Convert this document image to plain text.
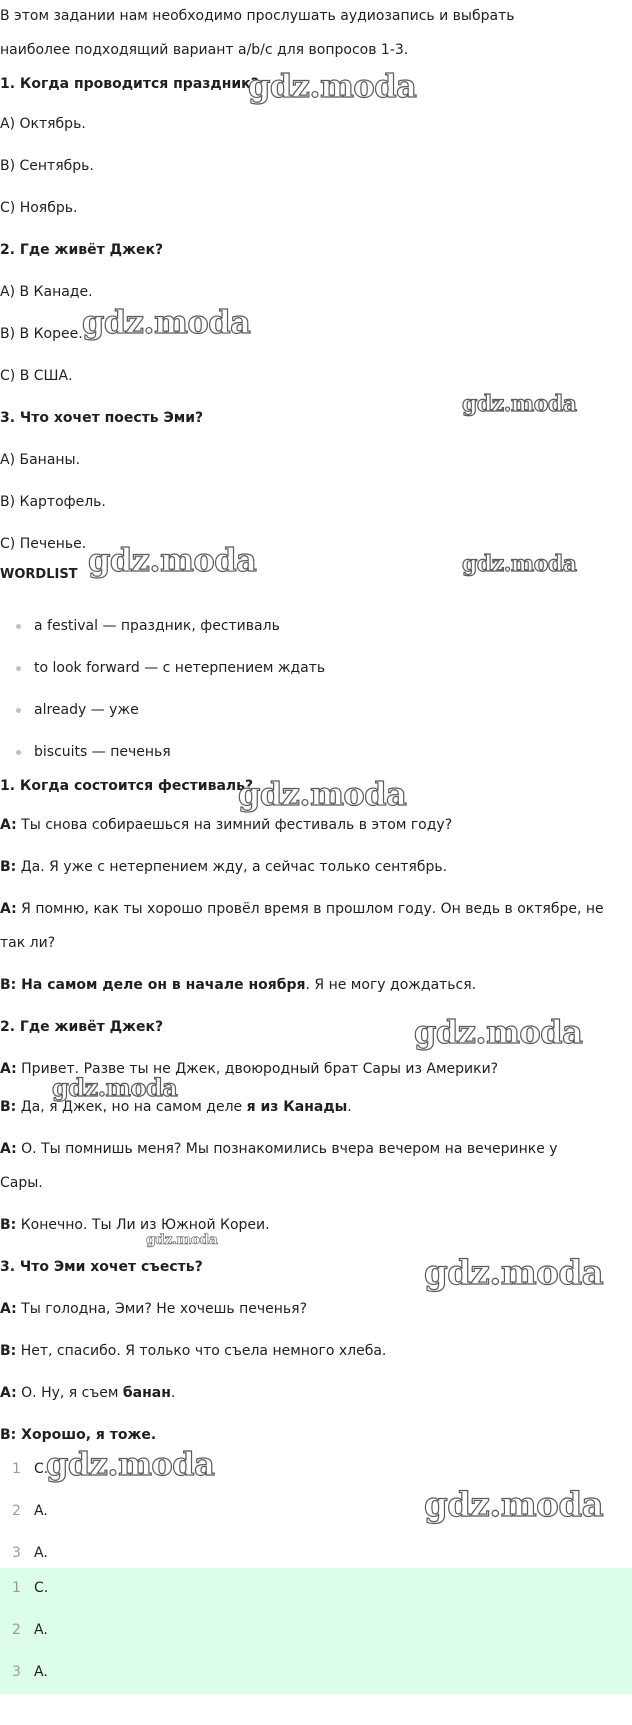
В этом задании нам необходимо прослушать аудиозапись и выбрать
наиболее подходящий вариант a/b/c для вопросов 1-3.
1. Когда проводится праздник?
A) Октябрь.
B) Сентябрь.
C) Ноябрь.
2. Где живёт Джек?
A) В Канаде.
B) В Корее.
C) В США.
3. Что хочет поесть Эми?
A) Бананы.
B) Картофель.
C) Печенье.
WORDLIST
a festival — праздник, фестиваль
to look forward — с нетерпением ждать
already — уже
biscuits — печенья
1. Когда состоится фестиваль?
A: Ты снова собираешься на зимний фестиваль в этом году?
B: Да. Я уже с нетерпением жду, а сейчас только сентябрь.
A: Я помню, как ты хорошо провёл время в прошлом году. Он ведь в октябре, не
так ли?
B: На самом деле он в начале ноября. Я не могу дождаться.
2. Где живёт Джек?
A: Привет. Разве ты не Джек, двоюродный брат Сары из Америки?
B: Да, я Джек, но на самом деле я из Канады.
A: О. Ты помнишь меня? Мы познакомились вчера вечером на вечеринке у
Сары.
B: Конечно. Ты Ли из Южной Кореи.
3. Что Эми хочет съесть?
A: Ты голодна, Эми? Не хочешь печенья?
B: Нет, спасибо. Я только что съела немного хлеба.
A: О. Ну, я съем банан.
B: Хорошо, я тоже.
1 C.
2 A.
3 A.
1 C.
2 A.
3 A.
gdz.moda
gdz.moda
gdz.moda
gdz.moda	gdz.moda
gdz.moda
gdz.moda
gdz.moda
gdz.moda
gdz.moda
gdz.moda
gdz.moda
